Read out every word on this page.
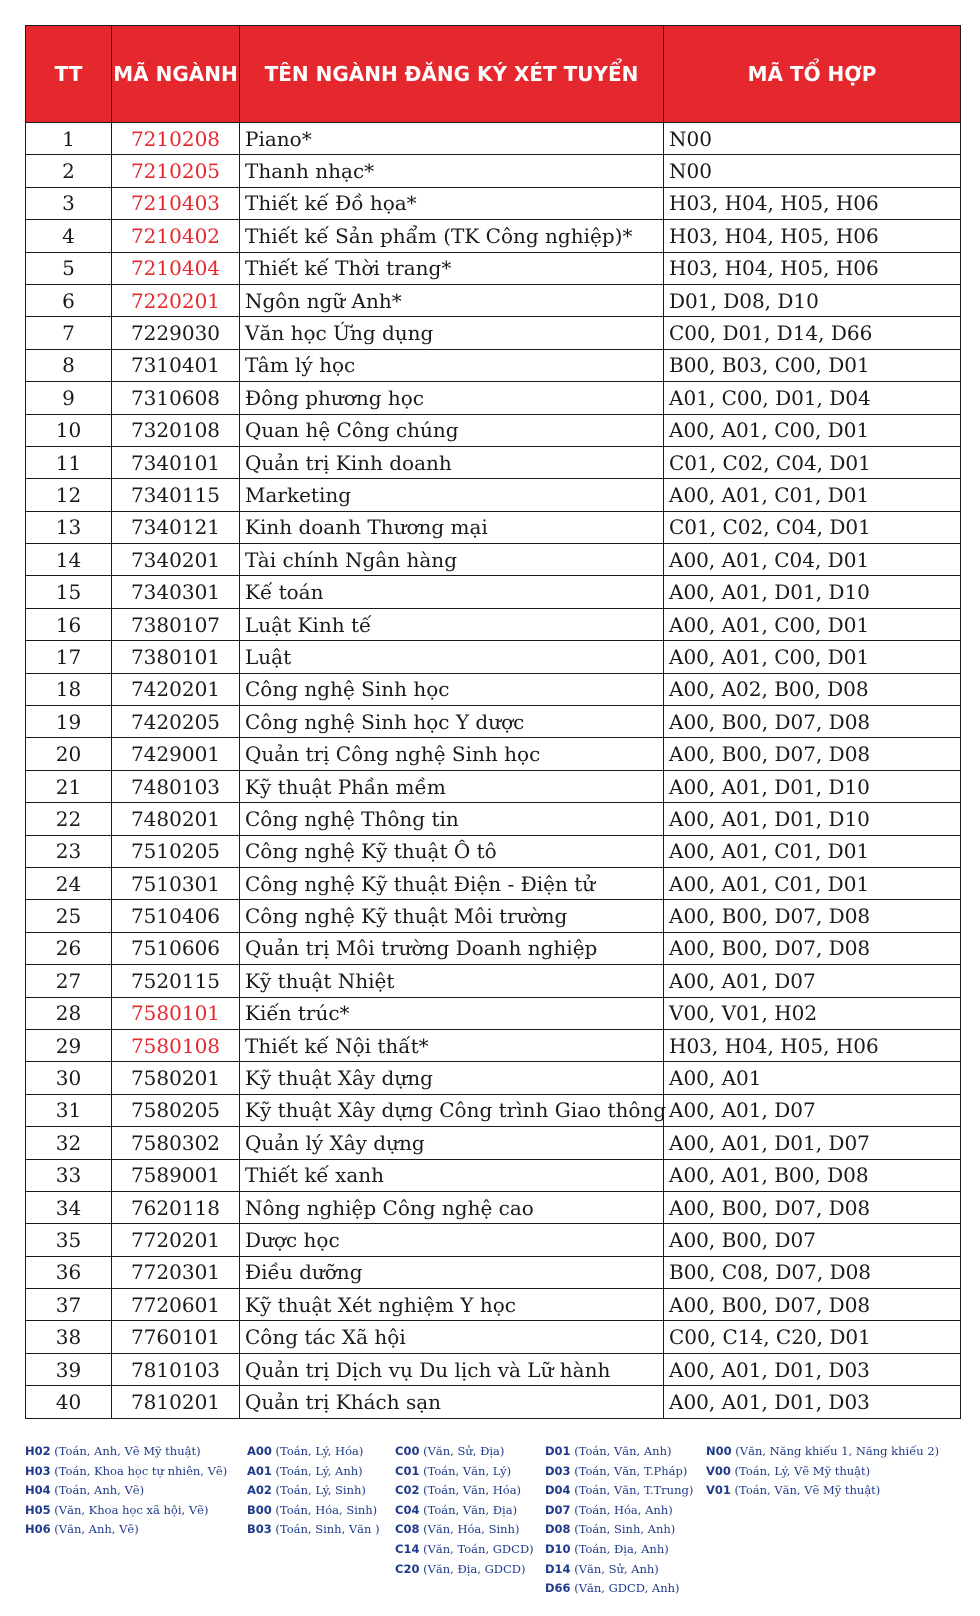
TT	MÃ NGÀNH	TÊN NGÀNH ĐĂNG KÝ XÉT TUYỂN	MÃ TỔ HỢP
1	7210208	Piano*	N00
2	7210205	Thanh nhạc*	N00
3	7210403	Thiết kế Đồ họa*	H03, H04, H05, H06
4	7210402	Thiết kế Sản phẩm (TK Công nghiệp)*	H03, H04, H05, H06
5	7210404	Thiết kế Thời trang*	H03, H04, H05, H06
6	7220201	Ngôn ngữ Anh*	D01, D08, D10
7	7229030	Văn học Ứng dụng	C00, D01, D14, D66
8	7310401	Tâm lý học	B00, B03, C00, D01
9	7310608	Đông phương học	A01, C00, D01, D04
10	7320108	Quan hệ Công chúng	A00, A01, C00, D01
11	7340101	Quản trị Kinh doanh	C01, C02, C04, D01
12	7340115	Marketing	A00, A01, C01, D01
13	7340121	Kinh doanh Thương mại	C01, C02, C04, D01
14	7340201	Tài chính Ngân hàng	A00, A01, C04, D01
15	7340301	Kế toán	A00, A01, D01, D10
16	7380107	Luật Kinh tế	A00, A01, C00, D01
17	7380101	Luật	A00, A01, C00, D01
18	7420201	Công nghệ Sinh học	A00, A02, B00, D08
19	7420205	Công nghệ Sinh học Y dược	A00, B00, D07, D08
20	7429001	Quản trị Công nghệ Sinh học	A00, B00, D07, D08
21	7480103	Kỹ thuật Phần mềm	A00, A01, D01, D10
22	7480201	Công nghệ Thông tin	A00, A01, D01, D10
23	7510205	Công nghệ Kỹ thuật Ô tô	A00, A01, C01, D01
24	7510301	Công nghệ Kỹ thuật Điện - Điện tử	A00, A01, C01, D01
25	7510406	Công nghệ Kỹ thuật Môi trường	A00, B00, D07, D08
26	7510606	Quản trị Môi trường Doanh nghiệp	A00, B00, D07, D08
27	7520115	Kỹ thuật Nhiệt	A00, A01, D07
28	7580101	Kiến trúc*	V00, V01, H02
29	7580108	Thiết kế Nội thất*	H03, H04, H05, H06
30	7580201	Kỹ thuật Xây dựng	A00, A01
31	7580205	Kỹ thuật Xây dựng Công trình Giao thông	A00, A01, D07
32	7580302	Quản lý Xây dựng	A00, A01, D01, D07
33	7589001	Thiết kế xanh	A00, A01, B00, D08
34	7620118	Nông nghiệp Công nghệ cao	A00, B00, D07, D08
35	7720201	Dược học	A00, B00, D07
36	7720301	Điều dưỡng	B00, C08, D07, D08
37	7720601	Kỹ thuật Xét nghiệm Y học	A00, B00, D07, D08
38	7760101	Công tác Xã hội	C00, C14, C20, D01
39	7810103	Quản trị Dịch vụ Du lịch và Lữ hành	A00, A01, D01, D03
40	7810201	Quản trị Khách sạn	A00, A01, D01, D03
H02 (Toán, Anh, Vẽ Mỹ thuật)
H03 (Toán, Khoa học tự nhiên, Vẽ)
H04 (Toán, Anh, Vẽ)
H05 (Văn, Khoa học xã hội, Vẽ)
H06 (Văn, Anh, Vẽ)
A00 (Toán, Lý, Hóa)
A01 (Toán, Lý, Anh)
A02 (Toán, Lý, Sinh)
B00 (Toán, Hóa, Sinh)
B03 (Toán, Sinh, Văn )
C00 (Văn, Sử, Địa)
C01 (Toán, Văn, Lý)
C02 (Toán, Văn, Hóa)
C04 (Toán, Văn, Địa)
C08 (Văn, Hóa, Sinh)
C14 (Văn, Toán, GDCD)
C20 (Văn, Địa, GDCD)
D01 (Toán, Văn, Anh)
D03 (Toán, Văn, T.Pháp)
D04 (Toán, Văn, T.Trung)
D07 (Toán, Hóa, Anh)
D08 (Toán, Sinh, Anh)
D10 (Toán, Địa, Anh)
D14 (Văn, Sử, Anh)
D66 (Văn, GDCD, Anh)
N00 (Văn, Năng khiếu 1, Năng khiếu 2)
V00 (Toán, Lý, Vẽ Mỹ thuật)
V01 (Toán, Văn, Vẽ Mỹ thuật)
